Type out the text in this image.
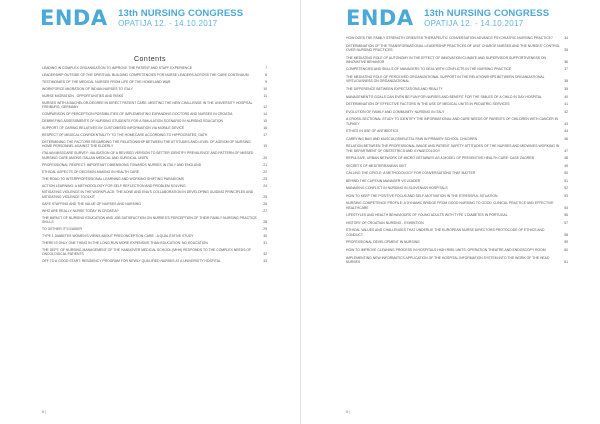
ENDA 13th NURSING CONGRESS
OPATIJA 12. - 14.10.2017
Contents
LEADING IN COMPLEX ORGANISATION TO IMPROVE THE PATIENT AND STAFF EXPERIENCE	7
LEADERSHIP OUTSIDE OF THE SPIRITUAL BUILDING COMPETENCIES FOR NURSE LEADERS ACROSS THE CARE CONTINUUM	8
TESTIMONIES OF THE MEDICAL NURSES FROM LIFE OF THE HOMELAND WAR	9
WORKFORCE MIGRATION OF INDIAN NURSES TO ITALY	10
NURSE MIGRATION , OPPORTUNITIES AND RISKS	11
NURSES WITH A BACHELOR-DEGREE IN DIRECT PATIENT CARE: MEETING THE NEW CHALLENGE IN THE UNIVERSITY HOSPITAL FREIBURG, GERMANY	12
COMPARISON OF PERCEPTION POSSIBILITIES OF IMPLEMENTING EXPANDING DOCTORS AND NURSES IN CROATIA	14
DEBRIEFING ASSESSMENTS OF NURSING STUDENTS FOR A SIMULATION SCENARIO IN NURSING EDUCATION	15
SUPPORT OF CARING RELATIVES BY CUSTOMISED INFORMATION VIA MOBILE DEVICE	16
RESPECT OF MEDICAL CONFIDENTIALITY TO THE HOMECARE ACCORDING TO HIPPOCRATES, OATH	17
DETERMINING THE FACTORS REGARDING THE RELATIONSHIP BETWEEN THE ATTITUDES AND LEVEL OF AGEISM OF NURSING HOME PERSONNEL AGAINST THE ELDERLY	19
ITALIAN MISSCARE SURVEY: VALIDATION OF A REVISED VERSION TO BETTER IDENTIFY PREVALENCE AND PATTERN OF MISSED NURSING CARE AMONG ITALIAN MEDICAL AND SURGICAL UNITS	20
PROFESSIONAL RESPECT: IMPORTANT DIMENSIONS TOWARDS NURSES IN ITALY AND ENGLAND	21
ETHICAL ASPECTS OF DECISION-MAKING IN HEALTH CARE	22
THE ROAD TO INTERPROFESSIONAL LEARNING AND WORKING SHIFTING PARADIGMS	23
ACTION LEARNING: A METHODOLOGY FOR SELF REFLECTION AND PROBLEM SOLVING	24
MITIGATING VIOLENCE IN THE WORKPLACE: THE AONE AND ENA'S COLLABORATION IN DEVELOPING GUIDING PRINCIPLES AND MITIGATING VIOLENCE TOOLKIT	25
SAFE STAFFING AND THE VALUE OF NURSES AND NURSING	26
WHO ARE REALLY NURSE TODAY IN CROATIA?	27
THE IMPACT OF NURSING EDUCATION AND JOB SATISFACTION ON NURSES'S PERCEPTION OF THEIR FAMILY NURSING PRACTICE SKILLS	28
TO GETHER IT'S EASIER	29
TYPE 1 DIABETES WOMEN'S VIEWS ABOUT PRECONCEPTION CARE - A QUALITATIVE STUDY	30
THERE IS ONLY ONE THING IN THE LONG RUN MORE EXPENSIVE THAN EDUCATION: NO EDUCATION	31
THE DEPT. OF NURSING MANAGEMENT OF THE HANNOVER MEDICAL SCHOOL (MHH) RESPONDS TO THE COMPLEX NEEDS OF ONCOLOGICAL PATIENTS	32
OFF TO A GOOD START: RESIDENCY PROGRAM FOR NEWLY QUALIFIED NURSES AT A UNIVERSITY HOSPITAL	33
6 |
ENDA 13th NURSING CONGRESS
OPATIJA 12. - 14.10.2017
HOW DOES THE FAMILY STRENGTH ORIENTED THERAPEUTIC CONVERSATION ADVANCE PSYCHIATRIC NURSING PRACTICE?	34
DETERMINATION OF THE TRANSFORMATIONAL LEADERSHIP PRACTICES OF UNIT CHARGE NURSES AND THE NURSES' CONTROL OVER NURSING PRACTICES	35
THE MEDIATING ROLE OF AUTONOMY IN THE EFFECT OF INNOVATION CLIMATE AND SUPERVISOR SUPPORTIVENESS ON INNOVATIVE BEHAVIOR	36
COMPETENCIES AND SKILLS OF MANAGERS TO DEAL WITH CONFLICTS IN THE NURSING PRACTICE	37
THE MEDIATING ROLE OF PERCEIVED ORGANIZATIONAL SUPPORT IN THE RELATIONSHIPS BETWEEN ORGANIZATIONAL VIRTUOUSNESS ON ORGANIZATIONAL	38
THE DIFFERENCE BETWEEN EXPECTATIONS AND REALITY	39
MANAGEMENT'S GOALS CAN EVEN BE FUN FOR NURSES AND BENEFIT FOR THE SMILES OF A CHILD IN DAY HOSPITAL	40
DETERMINATION OF EFFECTIVE FACTORS IN THE USE OF MEDICAL UNITS IN PEDIATRIC SERVICES	41
EVOLUTION OF FAMILY AND COMMUNITY NURSING IN ITALY	42
A CROSS-SECTIONAL STUDY TO IDENTIFY THE INFORMATIONAL AND CARE NEEDS OF PARENTS OF CHILDREN WITH CANCER IN TURKEY	43
ETHICS IN USE OF ANTIBIOTICS	44
CARRYING BAG AND MUSCULOSKELETAL PAIN IN PRIMARY SCHOOL CHILDREN	46
RELATION BETWEEN THE PROFESSIONAL IMAGE AND PATIENT SAFETY ATTITUDES OF THE NURSES AND MIDWIVES WORKING IN THE DEPARTMENT OF OBSTETRICS AND GYNAECOLOGY	47
REPULSIVE, URBAN NETWORK OF MICRO GETAWAYS AS A MODEL OF PREVENTIVE HEALTH CARE: CASE ZAGREB	48
SECRETS OF MEDITERRANEAN DIET	49
CALLING THE CIRCLE: A METHODOLOGY FOR CONVERSATIONS THAT MATTER	50
BEHIND THE CURTAIN MANAGER VS LEADER	51
MANAGING CONFLICT IN NURSING IN SLOVENIAN HOSPITALS	52
HOW TO KEEP THE POSITIVE FOCUS AND SELF-MOTIVATION IN THE STRESSFUL SITUATION	53
NURSING COMPETENCE PROFILE: A DYNAMIC BRIDGE FROM GOOD NURSING TO GOOD CLINICAL PRACTICE AND EFFECTIVE HEALTHCARE	54
LIFESTYLES AND HEALTH BEHAVIOURS OF YOUNG ADULTS WITH TYPE 1 DIABETES IN PORTUGAL	56
HISTORY OF CROATIAN NURSING - EXHIBITION	57
ETHICAL VALUES AND CHALLENGES THAT UNDERLIE THE EUROPEAN NURSE DIRECTORS PROTOCODE OF ETHICS AND CONDUCT	58
PROFESSIONAL DEVELOPMENT IN NURSING	59
HOW TO IMPROVE CLEANING PROCESS IN HOSPITALS HIGH RISK UNITS: OPERATION THEATRE AND ENDOSCOPY ROOM	60
IMPLEMENTING NEW INFORMATICS APPLICATION OF THE HOSPITAL INFORMATION SYSTEM INTO THE WORK OF THE HEAD NURSES	61
5 |
